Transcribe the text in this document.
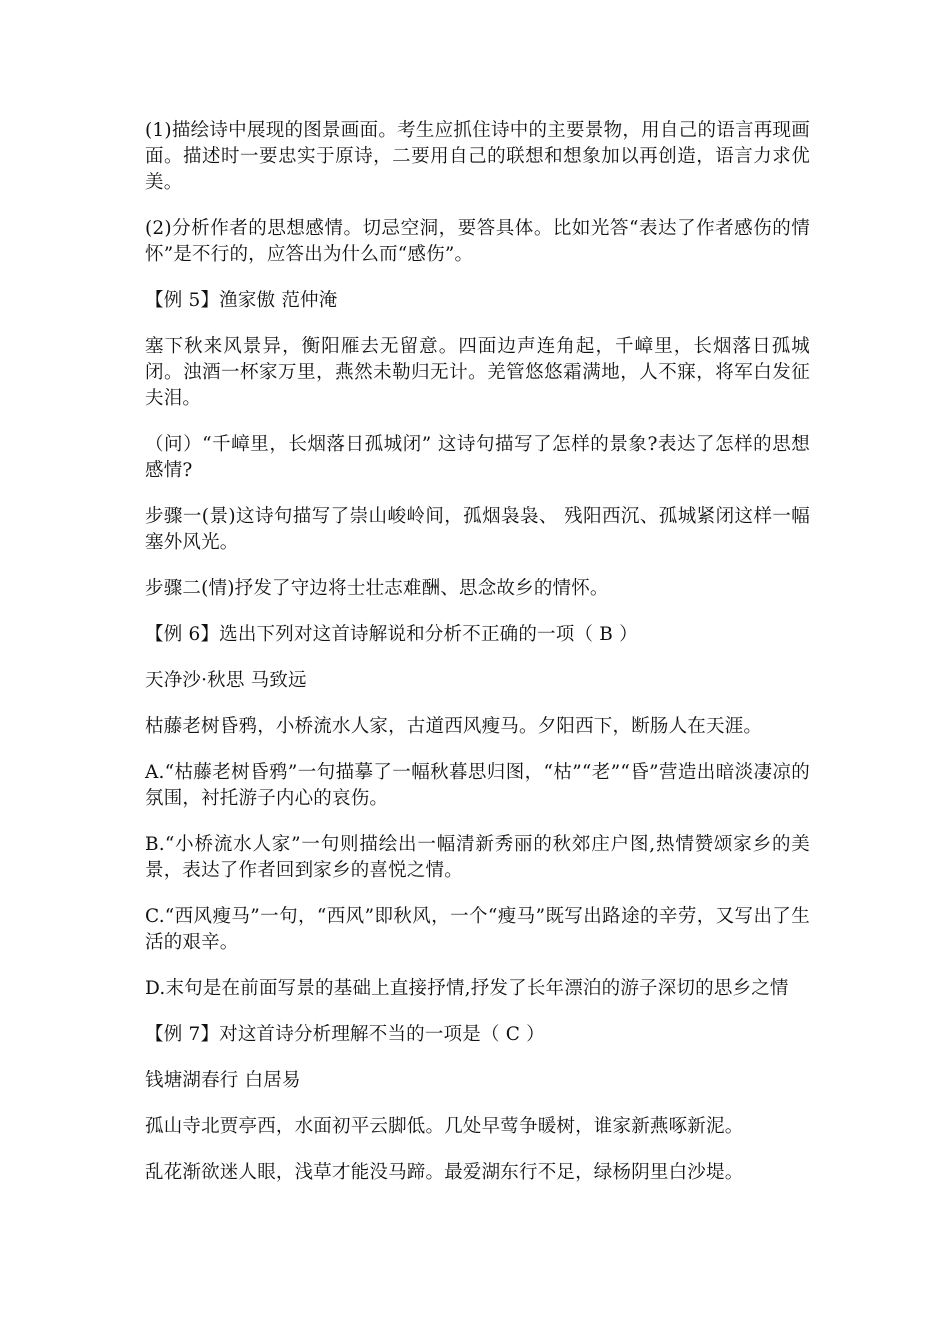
(1)描绘诗中展现的图景画面。考生应抓住诗中的主要景物，用自己的语言再现画面。描述时一要忠实于原诗，二要用自己的联想和想象加以再创造，语言力求优美。

(2)分析作者的思想感情。切忌空洞，要答具体。比如光答“表达了作者感伤的情怀”是不行的，应答出为什么而“感伤”。

【例 5】渔家傲 范仲淹

塞下秋来风景异，衡阳雁去无留意。四面边声连角起，千嶂里，长烟落日孤城闭。浊酒一杯家万里，燕然未勒归无计。羌管悠悠霜满地，人不寐，将军白发征夫泪。

（问）“千嶂里，长烟落日孤城闭” 这诗句描写了怎样的景象?表达了怎样的思想感情?

步骤一(景)这诗句描写了崇山峻岭间，孤烟袅袅、 残阳西沉、孤城紧闭这样一幅塞外风光。

步骤二(情)抒发了守边将士壮志难酬、思念故乡的情怀。

【例 6】选出下列对这首诗解说和分析不正确的一项（ B ）

天净沙·秋思 马致远

枯藤老树昏鸦，小桥流水人家，古道西风瘦马。夕阳西下，断肠人在天涯。

A.“枯藤老树昏鸦”一句描摹了一幅秋暮思归图，“枯”“老”“昏”营造出暗淡凄凉的氛围，衬托游子内心的哀伤。

B.“小桥流水人家”一句则描绘出一幅清新秀丽的秋郊庄户图,热情赞颂家乡的美景，表达了作者回到家乡的喜悦之情。

C.“西风瘦马”一句，“西风”即秋风，一个“瘦马”既写出路途的辛劳，又写出了生活的艰辛。

D.末句是在前面写景的基础上直接抒情,抒发了长年漂泊的游子深切的思乡之情

【例 7】对这首诗分析理解不当的一项是（ C ）

钱塘湖春行 白居易

孤山寺北贾亭西，水面初平云脚低。几处早莺争暖树，谁家新燕啄新泥。

乱花渐欲迷人眼，浅草才能没马蹄。最爱湖东行不足，绿杨阴里白沙堤。
